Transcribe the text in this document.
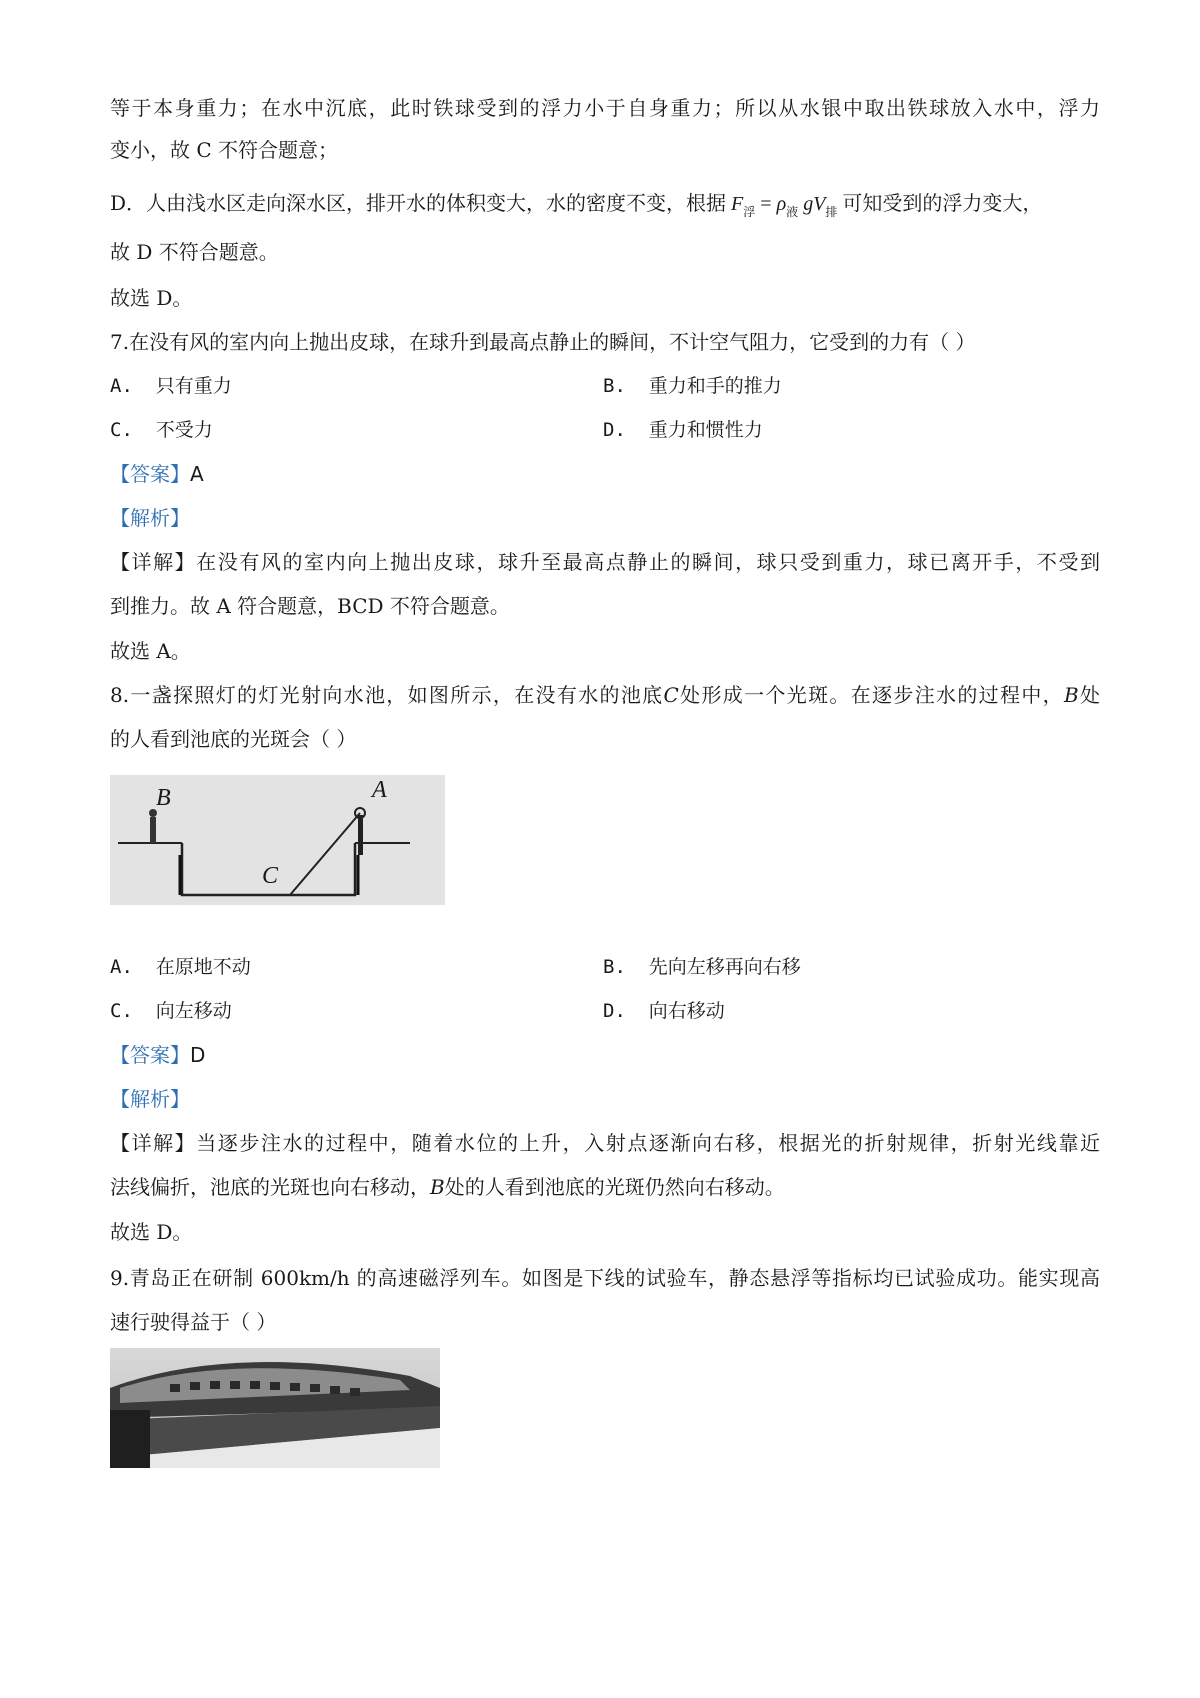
等于本身重力；在水中沉底，此时铁球受到的浮力小于自身重力；所以从水银中取出铁球放入水中，浮力
变小，故 C 不符合题意；
D．人由浅水区走向深水区，排开水的体积变大，水的密度不变，根据 $F_浮 = \rho_液$ $gV_排$ 可知受到的浮力变大，
故 D 不符合题意。
故选 D。
7.在没有风的室内向上抛出皮球，在球升到最高点静止的瞬间，不计空气阻力，它受到的力有（ ）
A. 只有重力	B. 重力和手的推力
C. 不受力	D. 重力和惯性力
【答案】A
【解析】
【详解】在没有风的室内向上抛出皮球，球升至最高点静止的瞬间，球只受到重力，球已离开手，不受到
到推力。故 A 符合题意，BCD 不符合题意。
故选 A。
8.一盏探照灯的灯光射向水池，如图所示，在没有水的池底C处形成一个光斑。在逐步注水的过程中，B处
的人看到池底的光斑会（ ）
B	A
C
A. 在原地不动	B. 先向左移再向右移
C. 向左移动	D. 向右移动
【答案】D
【解析】
【详解】当逐步注水的过程中，随着水位的上升，入射点逐渐向右移，根据光的折射规律，折射光线靠近
法线偏折，池底的光斑也向右移动，B处的人看到池底的光斑仍然向右移动。
故选 D。
9.青岛正在研制 600km/h 的高速磁浮列车。如图是下线的试验车，静态悬浮等指标均已试验成功。能实现高
速行驶得益于（ ）
